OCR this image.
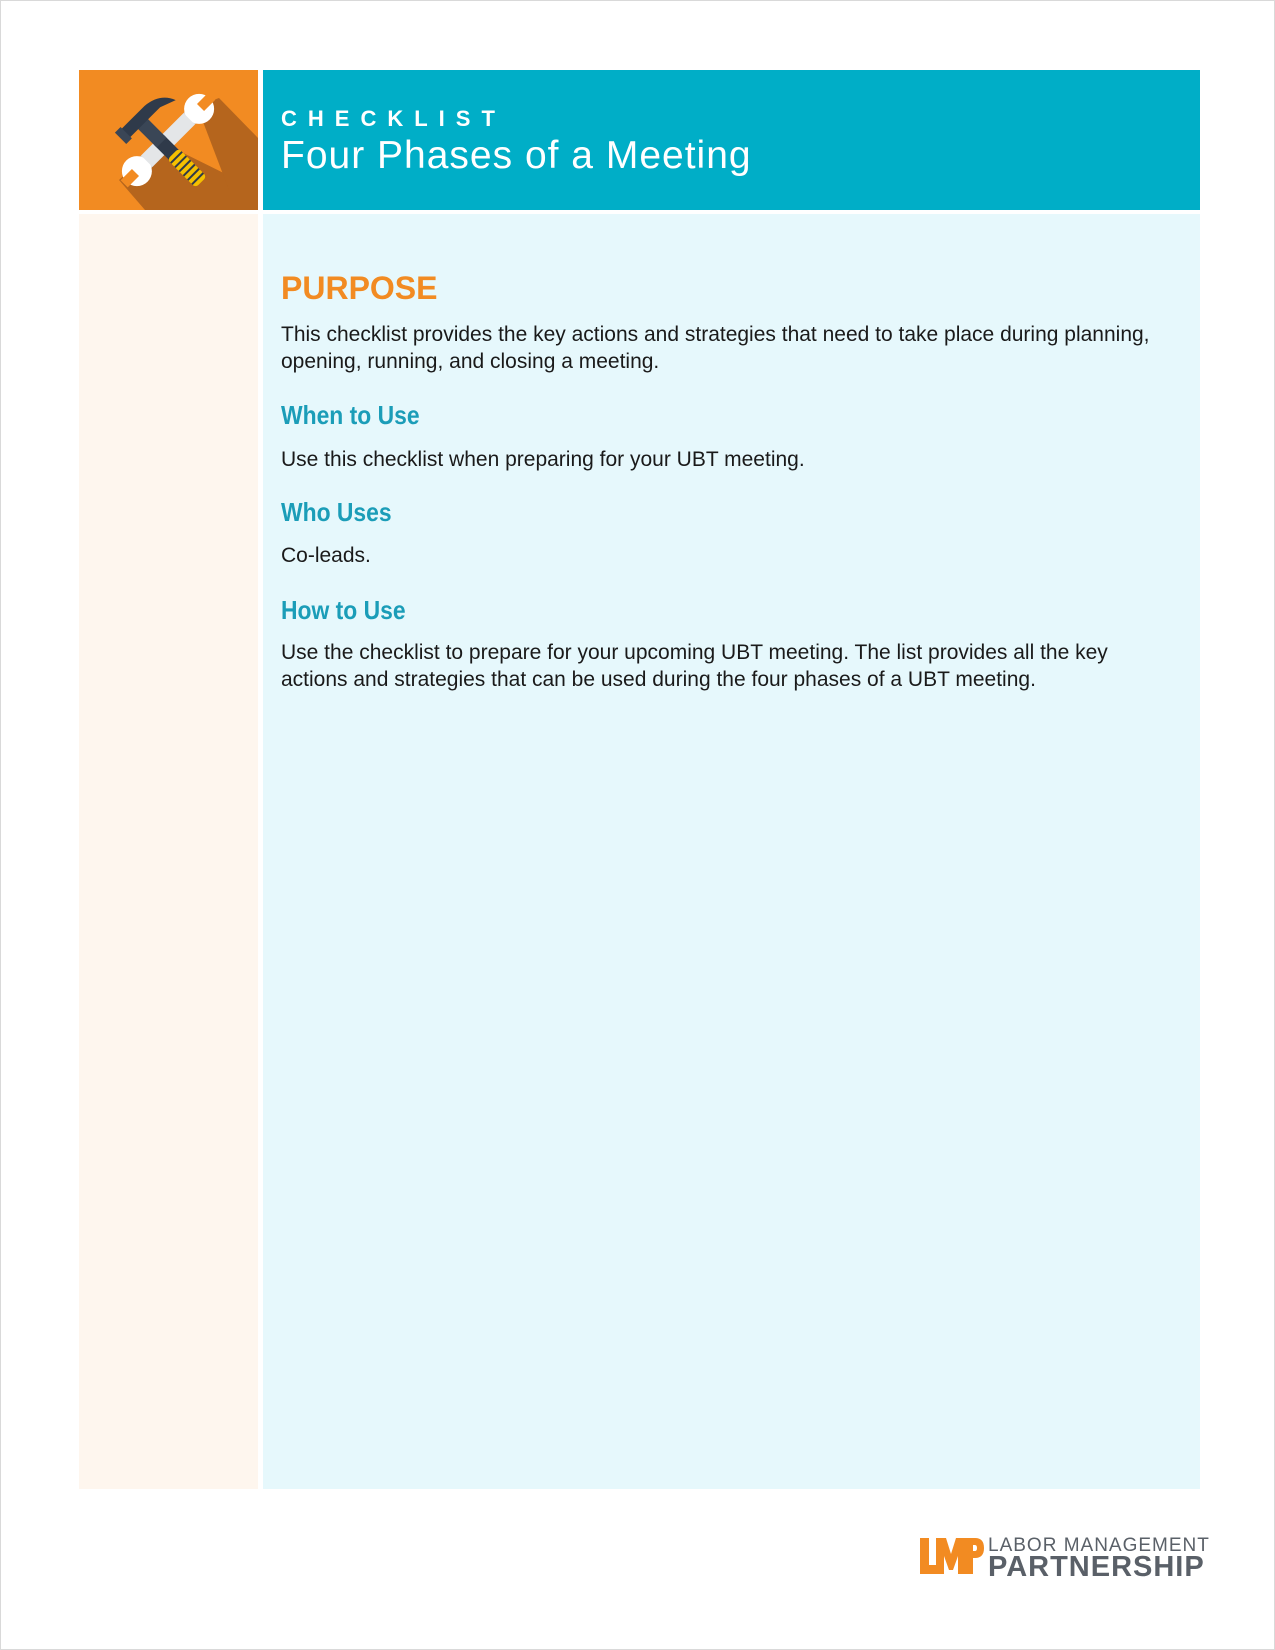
CHECKLIST
Four Phases of a Meeting
PURPOSE

This checklist provides the key actions and strategies that need to take place during planning, opening, running, and closing a meeting.

When to Use

Use this checklist when preparing for your UBT meeting.

Who Uses

Co-leads.

How to Use

Use the checklist to prepare for your upcoming UBT meeting. The list provides all the key actions and strategies that can be used during the four phases of a UBT meeting.

LABOR MANAGEMENT
PARTNERSHIP
